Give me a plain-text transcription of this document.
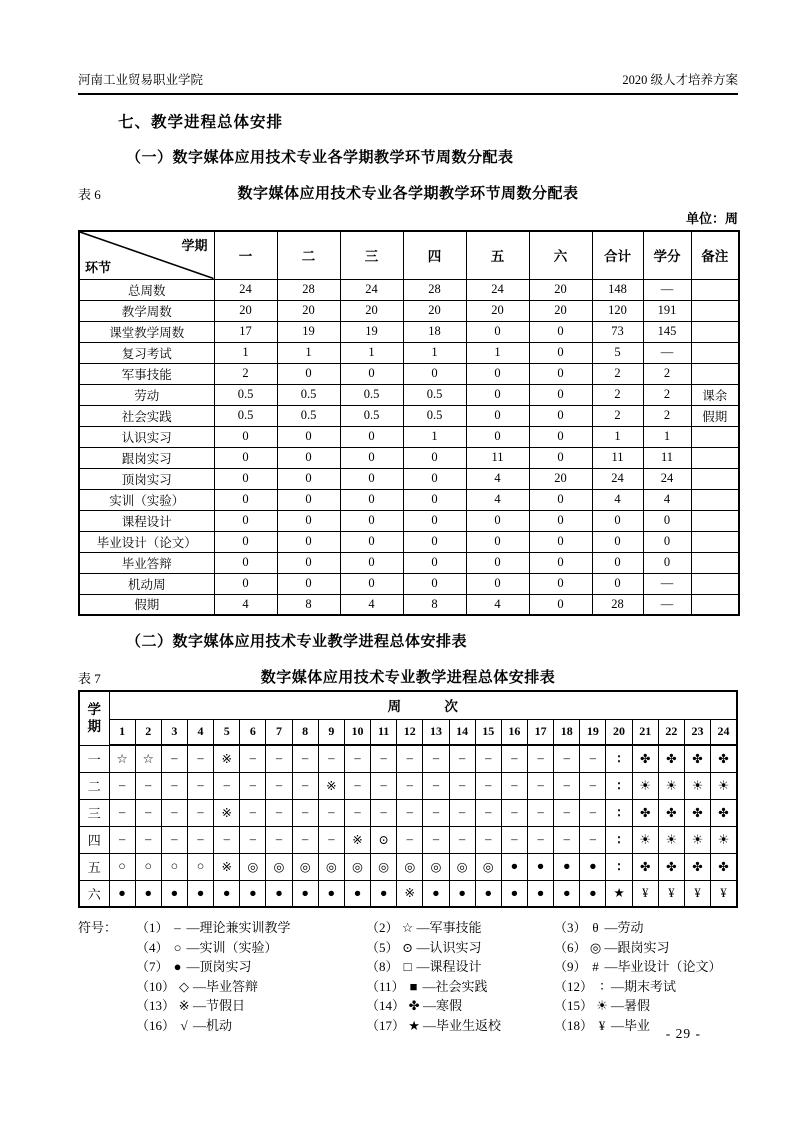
河南工业贸易职业学院	2020 级人才培养方案
七、教学进程总体安排
（一）数字媒体应用技术专业各学期教学环节周数分配表
表 6	数字媒体应用技术专业各学期教学环节周数分配表
单位：周
学期
环节	一	二	三	四	五	六	合计	学分	备注
总周数	24	28	24	28	24	20	148	—	
教学周数	20	20	20	20	20	20	120	191	
课堂教学周数	17	19	19	18	0	0	73	145	
复习考试	1	1	1	1	1	0	5	—	
军事技能	2	0	0	0	0	0	2	2	
劳动	0.5	0.5	0.5	0.5	0	0	2	2	课余
社会实践	0.5	0.5	0.5	0.5	0	0	2	2	假期
认识实习	0	0	0	1	0	0	1	1	
跟岗实习	0	0	0	0	11	0	11	11	
顶岗实习	0	0	0	0	4	20	24	24	
实训（实验）	0	0	0	0	4	0	4	4	
课程设计	0	0	0	0	0	0	0	0	
毕业设计（论文）	0	0	0	0	0	0	0	0	
毕业答辩	0	0	0	0	0	0	0	0	
机动周	0	0	0	0	0	0	0	—	
假期	4	8	4	8	4	0	28	—	
（二）数字媒体应用技术专业教学进程总体安排表
表 7	数字媒体应用技术专业教学进程总体安排表
学期	周次																							
	1	2	3	4	5	6	7	8	9	10	11	12	13	14	15	16	17	18	19	20	21	22	23	24
一	☆	☆	–	–	※	–	–	–	–	–	–	–	–	–	–	–	–	–	–	∶	✤	✤	✤	✤
二	–	–	–	–	–	–	–	–	※	–	–	–	–	–	–	–	–	–	–	∶	☀	☀	☀	☀
三	–	–	–	–	※	–	–	–	–	–	–	–	–	–	–	–	–	–	–	∶	✤	✤	✤	✤
四	–	–	–	–	–	–	–	–	–	※	⊙	–	–	–	–	–	–	–	–	∶	☀	☀	☀	☀
五	○	○	○	○	※	◎	◎	◎	◎	◎	◎	◎	◎	◎	◎	●	●	●	●	∶	✤	✤	✤	✤
六	●	●	●	●	●	●	●	●	●	●	●	※	●	●	●	●	●	●	●	★	¥	¥	¥	¥
符号：	（1） – —理论兼实训教学	（2） ☆ —军事技能	（3） θ —劳动
（4） ○ —实训（实验）	（5） ⊙ —认识实习	（6） ◎ —跟岗实习
（7） ● —顶岗实习	（8） □ —课程设计	（9） # —毕业设计（论文）
（10） ◇ —毕业答辩	（11） ■ —社会实践	（12） ∶ —期末考试
（13） ※ —节假日	（14） ✤ —寒假	（15） ☀ —暑假
（16） √ —机动	（17） ★ —毕业生返校	（18） ¥ —毕业
- 29 -
